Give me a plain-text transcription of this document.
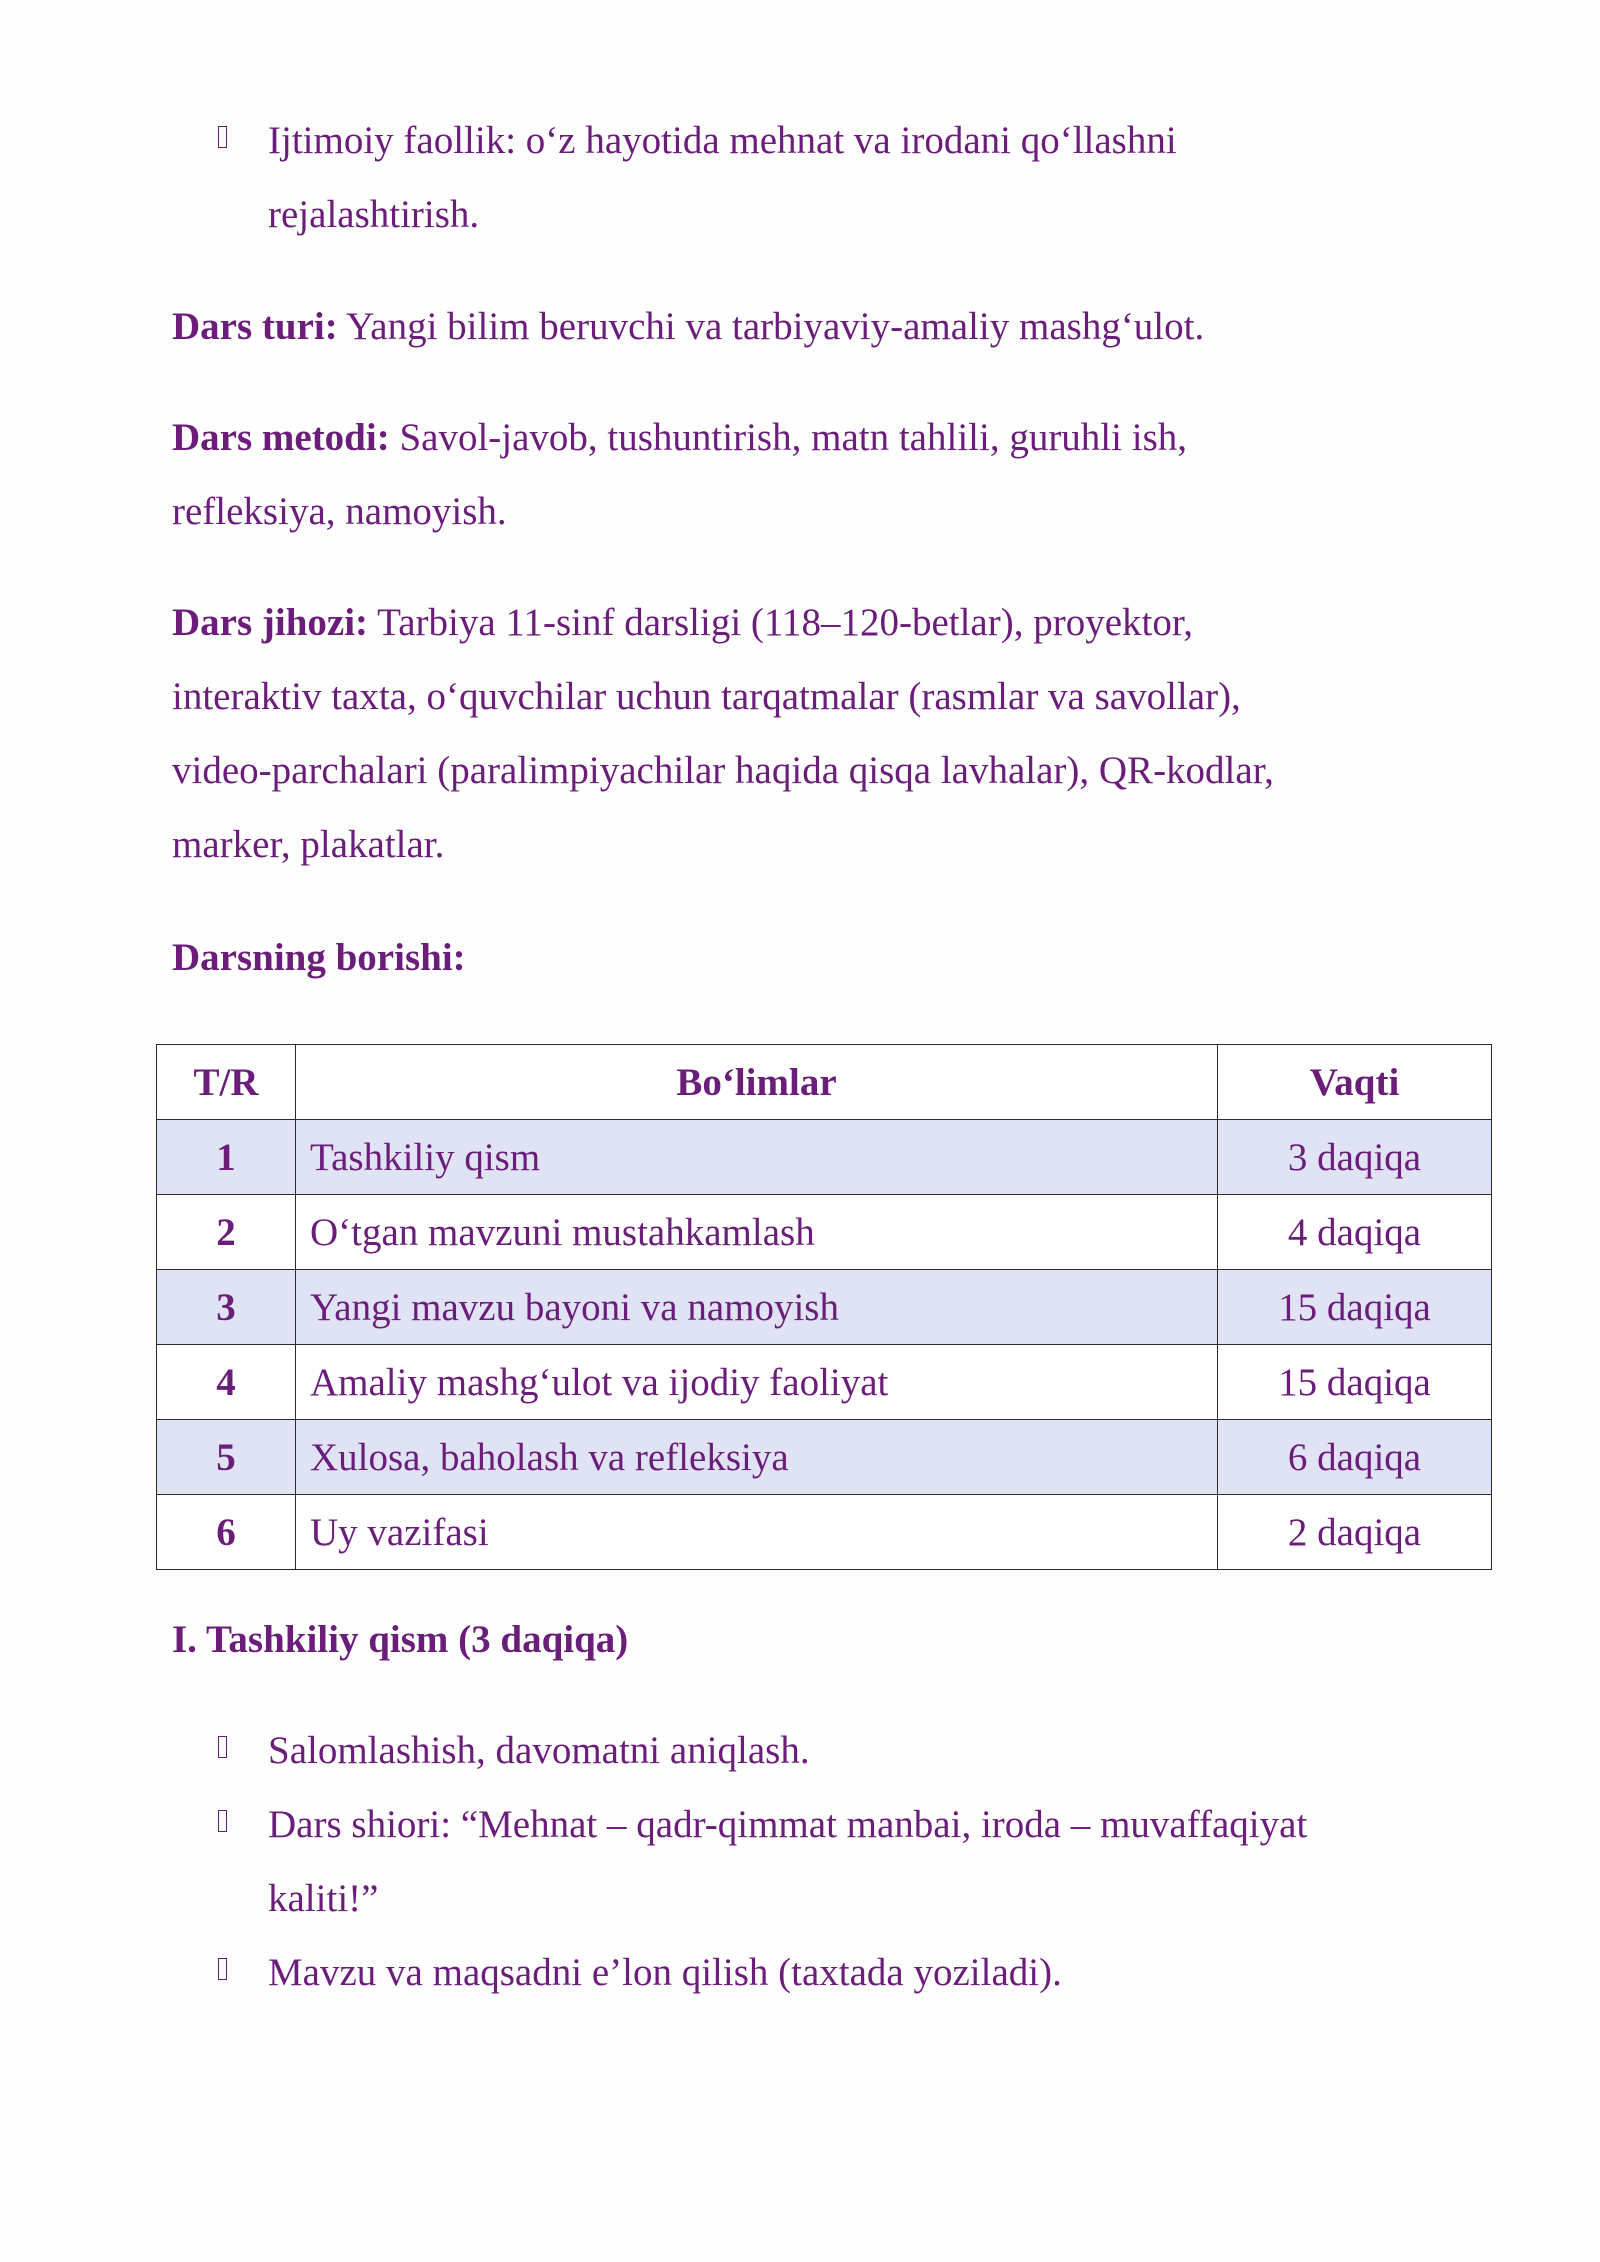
Ijtimoiy faollik: o‘z hayotida mehnat va irodani qo‘llashni
rejalashtirish.
Dars turi: Yangi bilim beruvchi va tarbiyaviy-amaliy mashg‘ulot.
Dars metodi: Savol-javob, tushuntirish, matn tahlili, guruhli ish,
refleksiya, namoyish.
Dars jihozi: Tarbiya 11-sinf darsligi (118–120-betlar), proyektor,
interaktiv taxta, o‘quvchilar uchun tarqatmalar (rasmlar va savollar),
video-parchalari (paralimpiyachilar haqida qisqa lavhalar), QR-kodlar,
marker, plakatlar.
Darsning borishi:
T/R	Bo‘limlar	Vaqti
1	Tashkiliy qism	3 daqiqa
2	O‘tgan mavzuni mustahkamlash	4 daqiqa
3	Yangi mavzu bayoni va namoyish	15 daqiqa
4	Amaliy mashg‘ulot va ijodiy faoliyat	15 daqiqa
5	Xulosa, baholash va refleksiya	6 daqiqa
6	Uy vazifasi	2 daqiqa
I. Tashkiliy qism (3 daqiqa)
Salomlashish, davomatni aniqlash.
Dars shiori: “Mehnat – qadr-qimmat manbai, iroda – muvaffaqiyat
kaliti!”
Mavzu va maqsadni e’lon qilish (taxtada yoziladi).
